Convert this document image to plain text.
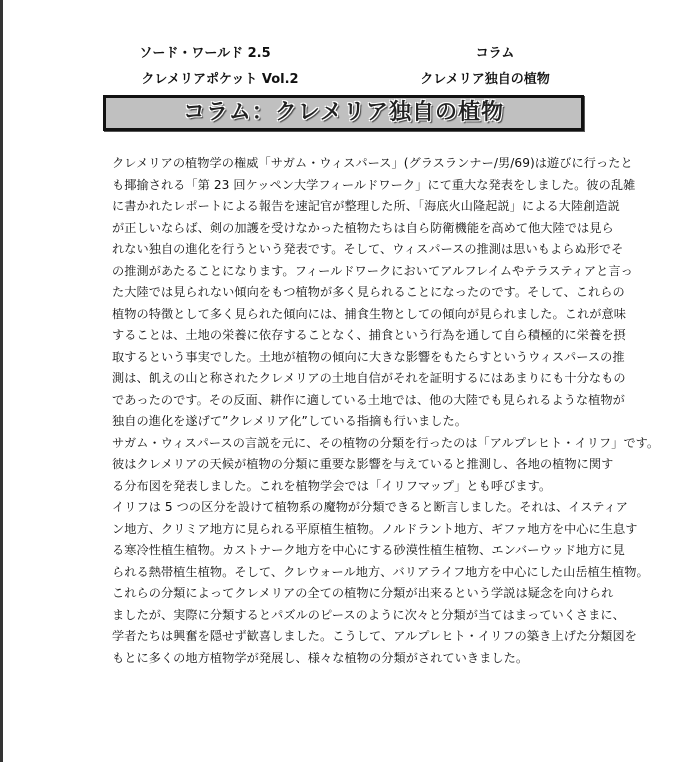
ソード・ワールド 2.5
クレメリアポケット Vol.2
コラム
クレメリア独自の植物
コラム：クレメリア独自の植物
クレメリアの植物学の権威「サガム・ウィスパース」(グラスランナー/男/69)は遊びに行ったと
も揶揄される「第 23 回ケッペン大学フィールドワーク」にて重大な発表をしました。彼の乱雑
に書かれたレポートによる報告を速記官が整理した所、「海底火山隆起説」による大陸創造説
が正しいならば、剣の加護を受けなかった植物たちは自ら防衛機能を高めて他大陸では見ら
れない独自の進化を行うという発表です。そして、ウィスパースの推測は思いもよらぬ形でそ
の推測があたることになります。フィールドワークにおいてアルフレイムやテラスティアと言っ
た大陸では見られない傾向をもつ植物が多く見られることになったのです。そして、これらの
植物の特徴として多く見られた傾向には、捕食生物としての傾向が見られました。これが意味
することは、土地の栄養に依存することなく、捕食という行為を通して自ら積極的に栄養を摂
取するという事実でした。土地が植物の傾向に大きな影響をもたらすというウィスパースの推
測は、飢えの山と称されたクレメリアの土地自信がそれを証明するにはあまりにも十分なもの
であったのです。その反面、耕作に適している土地では、他の大陸でも見られるような植物が
独自の進化を遂げて”クレメリア化”している指摘も行いました。
サガム・ウィスパースの言説を元に、その植物の分類を行ったのは「アルプレヒト・イリフ」です。
彼はクレメリアの天候が植物の分類に重要な影響を与えていると推測し、各地の植物に関す
る分布図を発表しました。これを植物学会では「イリフマップ」とも呼びます。
イリフは 5 つの区分を設けて植物系の魔物が分類できると断言しました。それは、イスティア
ン地方、クリミア地方に見られる平原植生植物。ノルドラント地方、ギファ地方を中心に生息す
る寒冷性植生植物。カストナーク地方を中心にする砂漠性植生植物、エンバーウッド地方に見
られる熱帯植生植物。そして、クレウォール地方、バリアライフ地方を中心にした山岳植生植物。
これらの分類によってクレメリアの全ての植物に分類が出来るという学説は疑念を向けられ
ましたが、実際に分類するとパズルのピースのように次々と分類が当てはまっていくさまに、
学者たちは興奮を隠せず歓喜しました。こうして、アルプレヒト・イリフの築き上げた分類図を
もとに多くの地方植物学が発展し、様々な植物の分類がされていきました。
